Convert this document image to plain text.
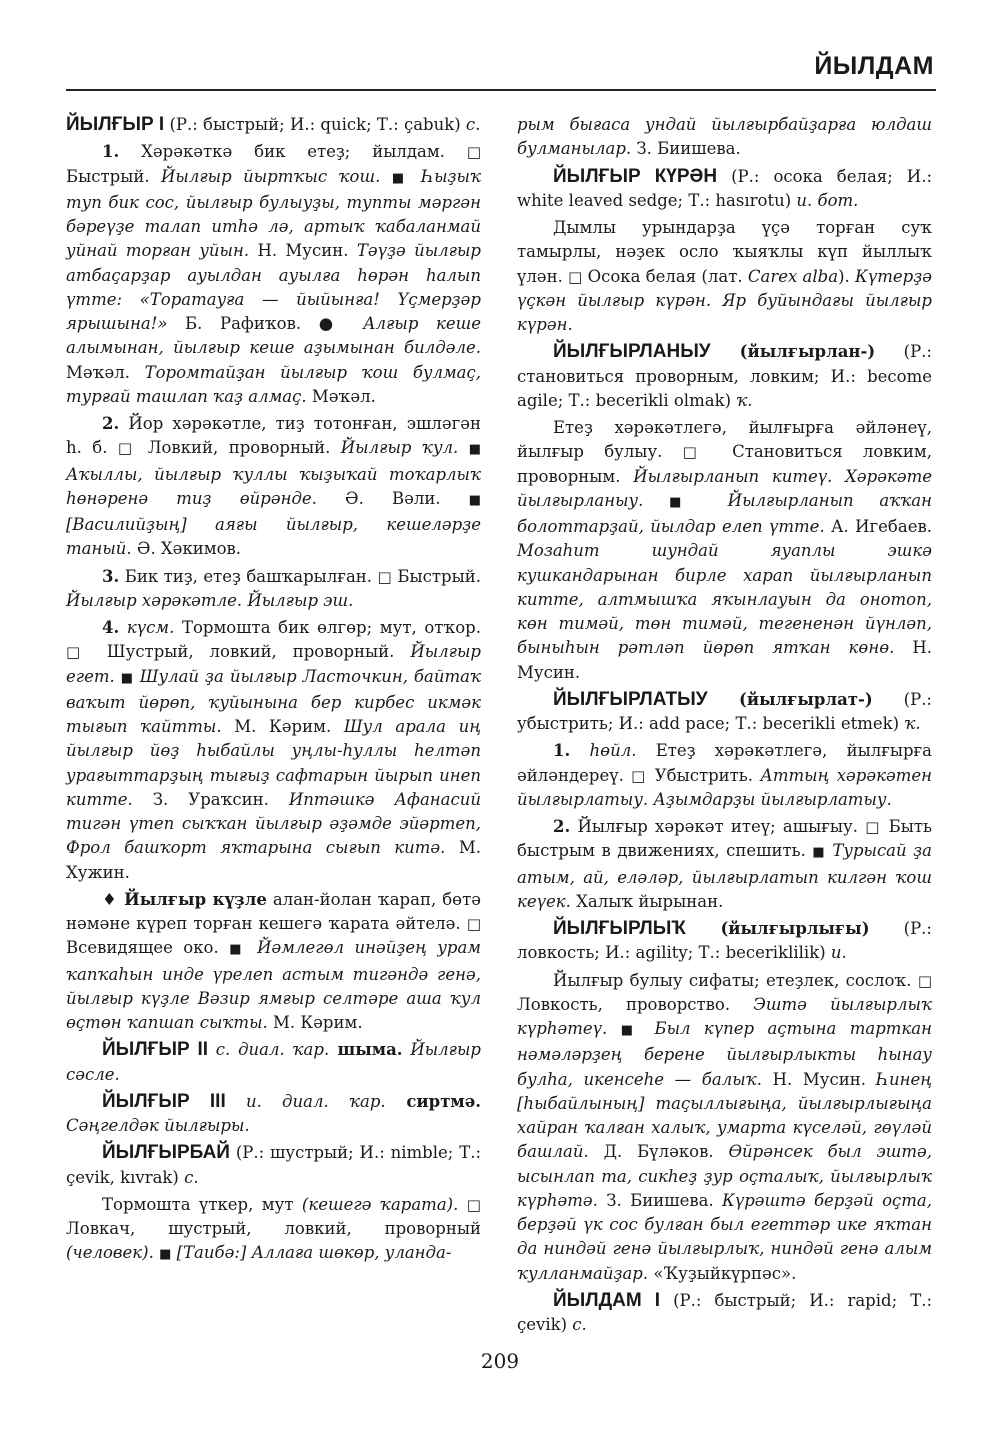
ЙЫЛДАМ

ЙЫЛҒЫР I (Р.: быстрый; И.: quick; Т.: çabuk) с.

1. Хәрәкәткә бик етеҙ; йылдам. □ Быстрый. Йылғыр йыртҡыс ҡош. ■ Һыҙыҡ туп бик сос, йылғыр булыуҙы, тупты мәргән бәреүҙе талап итһә лә, артыҡ ҡабаланмай уйнай торған уйын. Н. Мусин. Тәүҙә йылғыр атбаҫарҙар ауылдан ауылға һөрән һалып үтте: «Торатауға — йыйынға! Үҫмерҙәр ярышына!» Б. Рафиҡов. ● Алғыр кеше алымынан, йылғыр кеше аҙымынан билдәле. Мәҡәл. Торомтайҙан йылғыр ҡош булмаҫ, турғай ташлап ҡаҙ алмаҫ. Мәҡәл.

2. Йор хәрәкәтле, тиҙ тотонған, эшләгән һ. б. □ Ловкий, проворный. Йылғыр ҡул. ■ Аҡыллы, йылғыр ҡуллы ҡыҙыҡай тоҡарлыҡ һөнәренә тиҙ өйрәнде. Ә. Вәли. ■ [Василийҙың] аяғы йылғыр, кешеләрҙе таный. Ә. Хәкимов.

3. Бик тиҙ, етеҙ башҡарылған. □ Быстрый. Йылғыр хәрәкәтле. Йылғыр эш.

4. күсм. Тормошта бик өлгөр; мут, отҡор. □ Шустрый, ловкий, проворный. Йылғыр егет. ■ Шулай ҙа йылғыр Ласточкин, байтаҡ ваҡыт йөрөп, ҡуйынына бер кирбес икмәк тығып ҡайтты. М. Кәрим. Шул арала иң йылғыр йөҙ һыбайлы уңлы-һуллы һелтәп урағыттарҙың тығыҙ сафтарын йырып инеп китте. З. Ураҡсин. Иптәшкә Афанасий тигән үтеп сыҡҡан йылғыр әҙәмде эйәртеп, Фрол башҡорт яҡтарына сығып китә. М. Хужин.

♦ Йылғыр күҙле алан-йолан ҡарап, бөтә нәмәне күреп торған кешегә ҡарата әйтелә. □ Всевидящее око. ■ Йәмлегөл инәйҙең урам ҡапҡаһын инде үрелеп астым тигәндә генә, йылғыр күҙле Вәзир ямғыр селтәре аша ҡул өҫтөн ҡапшап сыҡты. М. Кәрим.

ЙЫЛҒЫР II с. диал. ҡар. шыма. Йылғыр сәсле.

ЙЫЛҒЫР III и. диал. ҡар. сиртмә. Сәңгелдәк йылғыры.

ЙЫЛҒЫРБАЙ (Р.: шустрый; И.: nimble; Т.: çevik, kıvrak) с.

Тормошта үткер, мут (кешегә ҡарата). □ Ловкач, шустрый, ловкий, проворный (человек). ■ [Таибә:] Аллаға шөкөр, уланда-

рым бығаса ундай йылғырбайҙарға юлдаш булманылар. З. Биишева.

ЙЫЛҒЫР КҮРӘН (Р.: осока белая; И.: white leaved sedge; Т.: hasırotu) и. бот.

Дымлы урындарҙа үҫә торған суҡ тамырлы, нәҙек осло ҡыяҡлы күп йыллыҡ үлән. □ Осока белая (лат. Carex alba). Күтерҙә үҫкән йылғыр күрән. Яр буйындағы йылғыр күрән.

ЙЫЛҒЫРЛАНЫУ (йылғырлан-) (Р.: становиться проворным, ловким; И.: become agile; Т.: becerikli olmak) ҡ.

Етеҙ хәрәкәтлегә, йылғырға әйләнеү, йылғыр булыу. □ Становиться ловким, проворным. Йылғырланып китеү. Хәрәкәте йылғырланыу. ■ Йылғырланып аҡҡан болоттарҙай, йылдар елеп үтте. А. Игебаев. Мозаһит шундай яуаплы эшкә кушкандарынан бирле харап йылғырланып китте, алтмышҡа яҡынлауын да онотоп, көн тимәй, төн тимәй, тегененән йүнләп, быныһын рәтләп йөрөп ятҡан көнө. Н. Мусин.

ЙЫЛҒЫРЛАТЫУ (йылғырлат-) (Р.: убыстрить; И.: add pace; Т.: becerikli etmek) ҡ.

1. һөйл. Етеҙ хәрәкәтлегә, йылғырға әйләндереү. □ Убыстрить. Аттың хәрәкәтен йылғырлатыу. Аҙымдарҙы йылғырлатыу.

2. Йылғыр хәрәкәт итеү; ашығыу. □ Быть быстрым в движениях, спешить. ■ Турысай ҙа атым, ай, еләләр, йылғырлатып килгән ҡош кеүек. Халыҡ йырынан.

ЙЫЛҒЫРЛЫҠ (йылғырлығы) (Р.: ловкость; И.: agility; Т.: beceriklilik) и.

Йылғыр булыу сифаты; етеҙлек, сослоҡ. □ Ловкость, проворство. Эштә йылғырлыҡ күрһәтеү. ■ Был күпер аҫтына тарткан нәмәләрҙең берене йылғырлыкты һынау булһа, икенсеһе — балыҡ. Н. Мусин. Һинең [һыбайлының] таҫыллығыңа, йылғырлығыңа хайран ҡалған халыҡ, умарта күселәй, гөүләй башлай. Д. Бүләков. Өйрәнсек был эштә, ысынлап та, сикһеҙ ҙур оҫталыҡ, йылғырлыҡ күрһәтә. З. Биишева. Күрәштә берҙәй оҫта, берҙәй үк сос булған был егеттәр ике яҡтан да ниндәй генә йылғырлыҡ, ниндәй генә алым ҡулланмайҙар. «Ҡуҙыйкүрпәс».

ЙЫЛДАМ I (Р.: быстрый; И.: rapid; Т.: çevik) с.

209
